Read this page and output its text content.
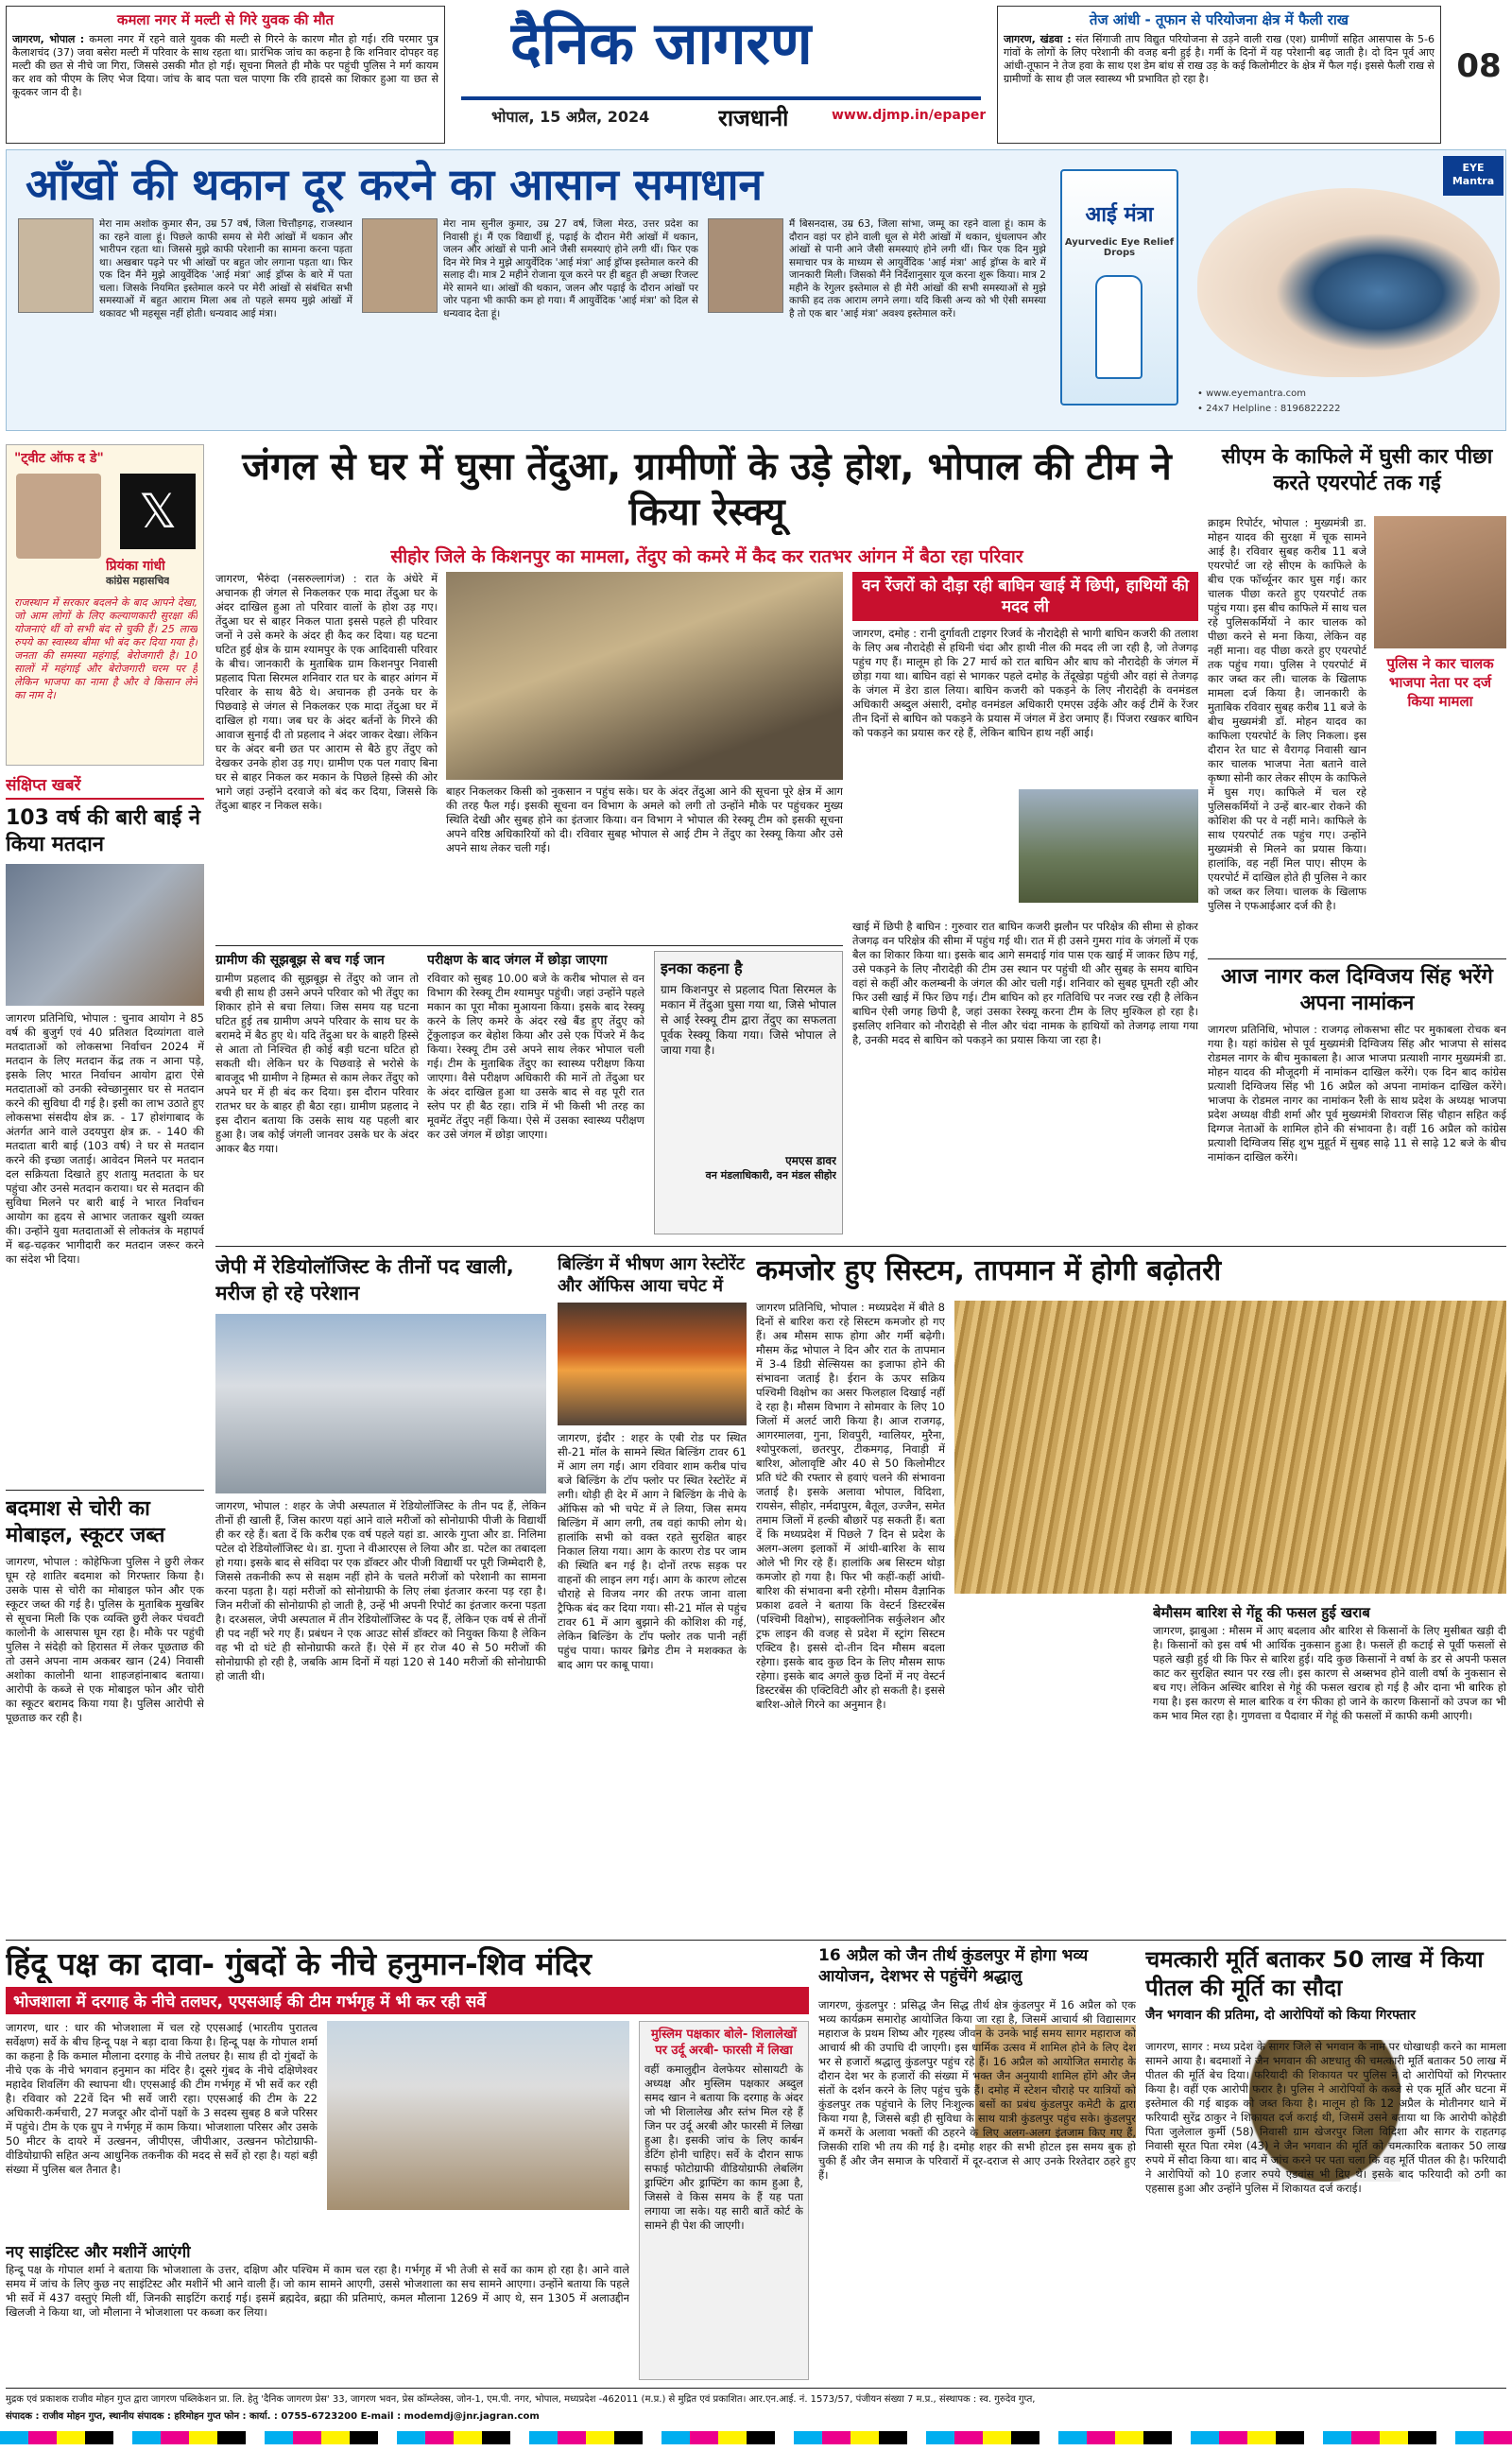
कमला नगर में मल्टी से गिरे युवक की मौत
जागरण, भोपाल : कमला नगर में रहने वाले युवक की मल्टी से गिरने के कारण मौत हो गई। रवि परमार पुत्र कैलाशचंद (37) जवा बसेरा मल्टी में परिवार के साथ रहता था। प्रारंभिक जांच का कहना है कि शनिवार दोपहर वह मल्टी की छत से नीचे जा गिरा, जिससे उसकी मौत हो गई। सूचना मिलते ही मौके पर पहुंची पुलिस ने मर्ग कायम कर शव को पीएम के लिए भेज दिया। जांच के बाद पता चल पाएगा कि रवि हादसे का शिकार हुआ या छत से कूदकर जान दी है।
दैनिक जागरण
भोपाल, 15 अप्रैल, 2024	राजधानी	www.djmp.in/epaper
तेज आंधी - तूफान से परियोजना क्षेत्र में फैली राख
जागरण, खंडवा : संत सिंगाजी ताप विद्युत परियोजना से उड़ने वाली राख (एश) ग्रामीणों सहित आसपास के 5-6 गांवों के लोगों के लिए परेशानी की वजह बनी हुई है। गर्मी के दिनों में यह परेशानी बढ़ जाती है। दो दिन पूर्व आए आंधी-तूफान ने तेज हवा के साथ एश डेम बांध से राख उड़ के कई किलोमीटर के क्षेत्र में फैल गई। इससे फैली राख से ग्रामीणों के साथ ही जल स्वास्थ्य भी प्रभावित हो रहा है।	08
आँखों की थकान दूर करने का आसान समाधान
मेरा नाम अशोक कुमार सैन, उम्र 57 वर्ष, जिला चित्तौड़गढ़, राजस्थान का रहने वाला हूं। पिछले काफी समय से मेरी आंखों में थकान और भारीपन रहता था। जिससे मुझे काफी परेशानी का सामना करना पड़ता था। अखबार पढ़ने पर भी आंखों पर बहुत जोर लगाना पड़ता था। फिर एक दिन मैंने मुझे आयुर्वेदिक 'आई मंत्रा' आई ड्रॉप्स के बारे में पता चला। जिसके नियमित इस्तेमाल करने पर मेरी आंखों से संबंधित सभी समस्याओं में बहुत आराम मिला अब तो पहले समय मुझे आंखों में थकावट भी महसूस नहीं होती। धन्यवाद आई मंत्रा।
मेरा नाम सुनील कुमार, उम्र 27 वर्ष, जिला मेरठ, उत्तर प्रदेश का निवासी हूं। मैं एक विद्यार्थी हूं, पढ़ाई के दौरान मेरी आंखों में थकान, जलन और आंखों से पानी आने जैसी समस्याएं होने लगी थीं। फिर एक दिन मेरे मित्र ने मुझे आयुर्वेदिक 'आई मंत्रा' आई ड्रॉप्स इस्तेमाल करने की सलाह दी। मात्र 2 महीने रोजाना यूज करने पर ही बहुत ही अच्छा रिजल्ट मेरे सामने था। आंखों की थकान, जलन और पढ़ाई के दौरान आंखों पर जोर पड़ना भी काफी कम हो गया। मैं आयुर्वेदिक 'आई मंत्रा' को दिल से धन्यवाद देता हूं।
मैं बिसनदास, उम्र 63, जिला सांभा, जम्मू का रहने वाला हूं। काम के दौरान वहां पर होने वाली धूल से मेरी आंखों में थकान, धुंधलापन और आंखों से पानी आने जैसी समस्याएं होने लगी थीं। फिर एक दिन मुझे समाचार पत्र के माध्यम से आयुर्वेदिक 'आई मंत्रा' आई ड्रॉप्स के बारे में जानकारी मिली। जिसको मैंने निर्देशानुसार यूज करना शुरू किया। मात्र 2 महीने के रेगुलर इस्तेमाल से ही मेरी आंखों की सभी समस्याओं से मुझे काफी हद तक आराम लगने लगा। यदि किसी अन्य को भी ऐसी समस्या है तो एक बार 'आई मंत्रा' अवश्य इस्तेमाल करें।
आई मंत्रा
Ayurvedic Eye Relief Drops
EYE Mantra
• www.eyemantra.com
• 24x7 Helpline : 8196822222
"ट्वीट ऑफ द डे"
𝕏
प्रियंका गांधी
कांग्रेस महासचिव
राजस्थान में सरकार बदलने के बाद आपने देखा, जो आम लोगों के लिए कल्याणकारी सुरक्षा की योजनाएं थीं वो सभी बंद से चुकी हैं। 25 लाख रुपये का स्वास्थ्य बीमा भी बंद कर दिया गया है। जनता की समस्या महंगाई, बेरोजगारी है। 10 सालों में महंगाई और बेरोजगारी चरम पर है लेकिन भाजपा का नामा है और वे किसान लेने का नाम दे।
संक्षिप्त खबरें
103 वर्ष की बारी बाई ने किया मतदान
जागरण प्रतिनिधि, भोपाल : चुनाव आयोग ने 85 वर्ष की बुजुर्ग एवं 40 प्रतिशत दिव्यांगता वाले मतदाताओं को लोकसभा निर्वाचन 2024 में मतदान के लिए मतदान केंद्र तक न आना पड़े, इसके लिए भारत निर्वाचन आयोग द्वारा ऐसे मतदाताओं को उनकी स्वेच्छानुसार घर से मतदान करने की सुविधा दी गई है। इसी का लाभ उठाते हुए लोकसभा संसदीय क्षेत्र क्र. - 17 होशंगाबाद के अंतर्गत आने वाले उदयपुरा क्षेत्र क्र. - 140 की मतदाता बारी बाई (103 वर्ष) ने घर से मतदान करने की इच्छा जताई। आवेदन मिलने पर मतदान दल सक्रियता दिखाते हुए शतायु मतदाता के घर पहुंचा और उनसे मतदान कराया। घर से मतदान की सुविधा मिलने पर बारी बाई ने भारत निर्वाचन आयोग का हृदय से आभार जताकर खुशी व्यक्त की। उन्होंने युवा मतदाताओं से लोकतंत्र के महापर्व में बढ़-चढ़कर भागीदारी कर मतदान जरूर करने का संदेश भी दिया।
बदमाश से चोरी का मोबाइल, स्कूटर जब्त
जागरण, भोपाल : कोहेफिजा पुलिस ने छुरी लेकर घूम रहे शातिर बदमाश को गिरफ्तार किया है। उसके पास से चोरी का मोबाइल फोन और एक स्कूटर जब्त की गई है। पुलिस के मुताबिक मुखबिर से सूचना मिली कि एक व्यक्ति छुरी लेकर पंचवटी कालोनी के आसपास घूम रहा है। मौके पर पहुंची पुलिस ने संदेही को हिरासत में लेकर पूछताछ की तो उसने अपना नाम अकबर खान (24) निवासी अशोका कालोनी थाना शाहजहांनाबाद बताया। आरोपी के कब्जे से एक मोबाइल फोन और चोरी का स्कूटर बरामद किया गया है। पुलिस आरोपी से पूछताछ कर रही है।
जंगल से घर में घुसा तेंदुआ, ग्रामीणों के उड़े होश, भोपाल की टीम ने किया रेस्क्यू
सीहोर जिले के किशनपुर का मामला, तेंदुए को कमरे में कैद कर रातभर आंगन में बैठा रहा परिवार
जागरण, भैरुंदा (नसरुल्लागंज) : रात के अंधेरे में अचानक ही जंगल से निकलकर एक मादा तेंदुआ घर के अंदर दाखिल हुआ तो परिवार वालों के होश उड़ गए। तेंदुआ घर से बाहर निकल पाता इससे पहले ही परिवार जनों ने उसे कमरे के अंदर ही कैद कर दिया। यह घटना घटित हुई क्षेत्र के ग्राम श्यामपुर के एक आदिवासी परिवार के बीच। जानकारी के मुताबिक ग्राम किशनपुर निवासी प्रहलाद पिता सिरमल शनिवार रात घर के बाहर आंगन में परिवार के साथ बैठे थे। अचानक ही उनके घर के पिछवाड़े से जंगल से निकलकर एक मादा तेंदुआ घर में दाखिल हो गया। जब घर के अंदर बर्तनों के गिरने की आवाज सुनाई दी तो प्रहलाद ने अंदर जाकर देखा। लेकिन घर के अंदर बनी छत पर आराम से बैठे हुए तेंदुए को देखकर उनके होश उड़ गए। ग्रामीण एक पल गवाए बिना घर से बाहर निकल कर मकान के पिछले हिस्से की ओर भागे जहां उन्होंने दरवाजे को बंद कर दिया, जिससे कि तेंदुआ बाहर न निकल सके।
बाहर निकलकर किसी को नुकसान न पहुंच सके। घर के अंदर तेंदुआ आने की सूचना पूरे क्षेत्र में आग की तरह फैल गई। इसकी सूचना वन विभाग के अमले को लगी तो उन्होंने मौके पर पहुंचकर मुख्य स्थिति देखी और सुबह होने का इंतजार किया। वन विभाग ने भोपाल की रेस्क्यू टीम को इसकी सूचना अपने वरिष्ठ अधिकारियों को दी। रविवार सुबह भोपाल से आई टीम ने तेंदुए का रेस्क्यू किया और उसे अपने साथ लेकर चली गई।
ग्रामीण की सूझबूझ से बच गई जान
ग्रामीण प्रहलाद की सूझबूझ से तेंदुए को जान तो बची ही साथ ही उसने अपने परिवार को भी तेंदुए का शिकार होने से बचा लिया। जिस समय यह घटना घटित हुई तब ग्रामीण अपने परिवार के साथ घर के बरामदे में बैठ हुए थे। यदि तेंदुआ घर के बाहरी हिस्से से आता तो निश्चित ही कोई बड़ी घटना घटित हो सकती थी। लेकिन घर के पिछवाड़े से भरोसे के बावजूद भी ग्रामीण ने हिम्मत से काम लेकर तेंदुए को अपने घर में ही बंद कर दिया। इस दौरान परिवार रातभर घर के बाहर ही बैठा रहा। ग्रामीण प्रहलाद ने इस दौरान बताया कि उसके साथ यह पहली बार हुआ है। जब कोई जंगली जानवर उसके घर के अंदर आकर बैठ गया।
परीक्षण के बाद जंगल में छोड़ा जाएगा
रविवार को सुबह 10.00 बजे के करीब भोपाल से वन विभाग की रेस्क्यू टीम श्यामपुर पहुंची। जहां उन्होंने पहले मकान का पूरा मौका मुआयना किया। इसके बाद रेस्क्यू करने के लिए कमरे के अंदर रखे बैंड हुए तेंदुए को ट्रेंकुलाइज कर बेहोश किया और उसे एक पिंजरे में कैद किया। रेस्क्यू टीम उसे अपने साथ लेकर भोपाल चली गई। टीम के मुताबिक तेंदुए का स्वास्थ्य परीक्षण किया जाएगा। वैसे परीक्षण अधिकारी की मानें तो तेंदुआ घर के अंदर दाखिल हुआ था उसके बाद से वह पूरी रात स्लेप पर ही बैठ रहा। रात्रि में भी किसी भी तरह का मूवमेंट तेंदुए नहीं किया। ऐसे में उसका स्वास्थ्य परीक्षण कर उसे जंगल में छोड़ा जाएगा।
इनका कहना है
ग्राम किशनपुर से प्रहलाद पिता सिरमल के मकान में तेंदुआ घुसा गया था, जिसे भोपाल से आई रेस्क्यू टीम द्वारा तेंदुए का सफलता पूर्वक रेस्क्यू किया गया। जिसे भोपाल ले जाया गया है।
एमएस डावर
वन मंडलाधिकारी, वन मंडल सीहोर
वन रेंजरों को दौड़ा रही बाघिन खाई में छिपी, हाथियों की मदद ली
जागरण, दमोह : रानी दुर्गावती टाइगर रिजर्व के नौरादेही से भागी बाघिन कजरी की तलाश के लिए अब नौरादेही से हथिनी चंदा और हाथी नील की मदद ली जा रही है, जो तेजगढ़ पहुंच गए हैं। मालूम हो कि 27 मार्च को रात बाघिन और बाघ को नौरादेही के जंगल में छोड़ा गया था। बाघिन वहां से भागकर पहले दमोह के तेंदूखेड़ा पहुंची और वहां से तेजगढ़ के जंगल में डेरा डाल लिया। बाघिन कजरी को पकड़ने के लिए नौरादेही के वनमंडल अधिकारी अब्दुल अंसारी, दमोह वनमंडल अधिकारी एमएस उईके और कई टीमें के रेंजर तीन दिनों से बाघिन को पकड़ने के प्रयास में जंगल में डेरा जमाए हैं। पिंजरा रखकर बाघिन को पकड़ने का प्रयास कर रहे हैं, लेकिन बाघिन हाथ नहीं आई।
खाई में छिपी है बाघिन : गुरुवार रात बाघिन कजरी झलौन पर परिक्षेत्र की सीमा से होकर तेजगढ़ वन परिक्षेत्र की सीमा में पहुंच गई थी। रात में ही उसने गुमरा गांव के जंगलों में एक बैल का शिकार किया था। इसके बाद आगे समदाई गांव पास एक खाई में जाकर छिप गई, उसे पकड़ने के लिए नौरादेही की टीम उस स्थान पर पहुंची थी और सुबह के समय बाघिन वहां से कहीं और कलम्बनी के जंगल की ओर चली गई। शनिवार को सुबह घूमती रही और फिर उसी खाई में फिर छिप गई। टीम बाघिन को हर गतिविधि पर नजर रख रही है लेकिन बाघिन ऐसी जगह छिपी है, जहां उसका रेस्क्यू करना टीम के लिए मुश्किल हो रहा है। इसलिए शनिवार को नौरादेही से नील और चंदा नामक के हाथियों को तेजगढ़ लाया गया है, उनकी मदद से बाघिन को पकड़ने का प्रयास किया जा रहा है।
सीएम के काफिले में घुसी कार पीछा करते एयरपोर्ट तक गई
पुलिस ने कार चालक भाजपा नेता पर दर्ज किया मामला
क्राइम रिपोर्टर, भोपाल : मुख्यमंत्री डा. मोहन यादव की सुरक्षा में चूक सामने आई है। रविवार सुबह करीब 11 बजे एयरपोर्ट जा रहे सीएम के काफिले के बीच एक फॉर्च्यूनर कार घुस गई। कार चालक पीछा करते हुए एयरपोर्ट तक पहुंच गया। इस बीच काफिले में साथ चल रहे पुलिसकर्मियों ने कार चालक को पीछा करने से मना किया, लेकिन वह नहीं माना। वह पीछा करते हुए एयरपोर्ट तक पहुंच गया। पुलिस ने एयरपोर्ट में कार जब्त कर ली। चालक के खिलाफ मामला दर्ज किया है। जानकारी के मुताबिक रविवार सुबह करीब 11 बजे के बीच मुख्यमंत्री डॉ. मोहन यादव का काफिला एयरपोर्ट के लिए निकला। इस दौरान रेत घाट से वैरागढ़ निवासी खान कार चालक भाजपा नेता बताने वाले कृष्णा सोनी कार लेकर सीएम के काफिले में घुस गए। काफिले में चल रहे पुलिसकर्मियों ने उन्हें बार-बार रोकने की कोशिश की पर वे नहीं माने। काफिले के साथ एयरपोर्ट तक पहुंच गए। उन्होंने मुख्यमंत्री से मिलने का प्रयास किया। हालांकि, वह नहीं मिल पाए। सीएम के एयरपोर्ट में दाखिल होते ही पुलिस ने कार को जब्त कर लिया। चालक के खिलाफ पुलिस ने एफआईआर दर्ज की है।
आज नागर कल दिग्विजय सिंह भरेंगे अपना नामांकन
जागरण प्रतिनिधि, भोपाल : राजगढ़ लोकसभा सीट पर मुकाबला रोचक बन गया है। यहां कांग्रेस से पूर्व मुख्यमंत्री दिग्विजय सिंह और भाजपा से सांसद रोडमल नागर के बीच मुकाबला है। आज भाजपा प्रत्याशी नागर मुख्यमंत्री डा. मोहन यादव की मौजूदगी में नामांकन दाखिल करेंगे। एक दिन बाद कांग्रेस प्रत्याशी दिग्विजय सिंह भी 16 अप्रैल को अपना नामांकन दाखिल करेंगे। भाजपा के रोडमल नागर का नामांकन रैली के साथ प्रदेश के अध्यक्ष भाजपा प्रदेश अध्यक्ष वीडी शर्मा और पूर्व मुख्यमंत्री शिवराज सिंह चौहान सहित कई दिग्गज नेताओं के शामिल होने की संभावना है। वहीं 16 अप्रैल को कांग्रेस प्रत्याशी दिग्विजय सिंह शुभ मुहूर्त में सुबह साढ़े 11 से साढ़े 12 बजे के बीच नामांकन दाखिल करेंगे।
जेपी में रेडियोलॉजिस्ट के तीनों पद खाली, मरीज हो रहे परेशान
जागरण, भोपाल : शहर के जेपी अस्पताल में रेडियोलॉजिस्ट के तीन पद हैं, लेकिन तीनों ही खाली हैं, जिस कारण यहां आने वाले मरीजों को सोनोग्राफी पीजी के विद्यार्थी ही कर रहे हैं। बता दें कि करीब एक वर्ष पहले यहां डा. आरके गुप्ता और डा. निलिमा पटेल दो रेडियोलॉजिस्ट थे। डा. गुप्ता ने वीआरएस ले लिया और डा. पटेल का तबादला हो गया। इसके बाद से संविदा पर एक डॉक्टर और पीजी विद्यार्थी पर पूरी जिम्मेदारी है, जिससे तकनीकी रूप से सक्षम नहीं होने के चलते मरीजों को परेशानी का सामना करना पड़ता है। यहां मरीजों को सोनोग्राफी के लिए लंबा इंतजार करना पड़ रहा है। जिन मरीजों की सोनोग्राफी हो जाती है, उन्हें भी अपनी रिपोर्ट का इंतजार करना पड़ता है। दरअसल, जेपी अस्पताल में तीन रेडियोलॉजिस्ट के पद हैं, लेकिन एक वर्ष से तीनों ही पद नहीं भरे गए हैं। प्रबंधन ने एक आउट सोर्स डॉक्टर को नियुक्त किया है लेकिन वह भी दो घंटे ही सोनोग्राफी करते हैं। ऐसे में हर रोज 40 से 50 मरीजों की सोनोग्राफी हो रही है, जबकि आम दिनों में यहां 120 से 140 मरीजों की सोनोग्राफी हो जाती थी।
बिल्डिंग में भीषण आग रेस्टोरेंट और ऑफिस आया चपेट में
जागरण, इंदौर : शहर के एबी रोड पर स्थित सी-21 मॉल के सामने स्थित बिल्डिंग टावर 61 में आग लग गई। आग रविवार शाम करीब पांच बजे बिल्डिंग के टॉप फ्लोर पर स्थित रेस्टोरेंट में लगी। थोड़ी ही देर में आग ने बिल्डिंग के नीचे के ऑफिस को भी चपेट में ले लिया, जिस समय बिल्डिंग में आग लगी, तब वहां काफी लोग थे। हालांकि सभी को वक्त रहते सुरक्षित बाहर निकाल लिया गया। आग के कारण रोड पर जाम की स्थिति बन गई है। दोनों तरफ सड़क पर वाहनों की लाइन लग गई। आग के कारण लोटस चौराहे से विजय नगर की तरफ जाना वाला ट्रैफिक बंद कर दिया गया। सी-21 मॉल से पहुंच टावर 61 में आग बुझाने की कोशिश की गई, लेकिन बिल्डिंग के टॉप फ्लोर तक पानी नहीं पहुंच पाया। फायर ब्रिगेड टीम ने मशक्कत के बाद आग पर काबू पाया।
कमजोर हुए सिस्टम, तापमान में होगी बढ़ोतरी
जागरण प्रतिनिधि, भोपाल : मध्यप्रदेश में बीते 8 दिनों से बारिश करा रहे सिस्टम कमजोर हो गए हैं। अब मौसम साफ होगा और गर्मी बढ़ेगी। मौसम केंद्र भोपाल ने दिन और रात के तापमान में 3-4 डिग्री सेल्सियस का इजाफा होने की संभावना जताई है। ईरान के ऊपर सक्रिय पश्चिमी विक्षोभ का असर फिलहाल दिखाई नहीं दे रहा है। मौसम विभाग ने सोमवार के लिए 10 जिलों में अलर्ट जारी किया है। आज राजगढ़, आगरमालवा, गुना, शिवपुरी, ग्वालियर, मुरैना, श्योपुरकलां, छतरपुर, टीकमगढ़, निवाड़ी में बारिश, ओलावृष्टि और 40 से 50 किलोमीटर प्रति घंटे की रफ्तार से हवाएं चलने की संभावना जताई है। इसके अलावा भोपाल, विदिशा, रायसेन, सीहोर, नर्मदापुरम, बैतूल, उज्जैन, समेत तमाम जिलों में हल्की बौछारें पड़ सकती हैं। बता दें कि मध्यप्रदेश में पिछले 7 दिन से प्रदेश के अलग-अलग इलाकों में आंधी-बारिश के साथ ओले भी गिर रहे हैं। हालांकि अब सिस्टम थोड़ा कमजोर हो गया है। फिर भी कहीं-कहीं आंधी-बारिश की संभावना बनी रहेगी। मौसम वैज्ञानिक प्रकाश ढवले ने बताया कि वेस्टर्न डिस्टरबेंस (पश्चिमी विक्षोभ), साइक्लोनिक सर्कुलेशन और ट्रफ लाइन की वजह से प्रदेश में स्ट्रांग सिस्टम एक्टिव है। इससे दो-तीन दिन मौसम बदला रहेगा। इसके बाद कुछ दिन के लिए मौसम साफ रहेगा। इसके बाद अगले कुछ दिनों में नए वेस्टर्न डिस्टरबेंस की एक्टिविटी और हो सकती है। इससे बारिश-ओले गिरने का अनुमान है।
बेमौसम बारिश से गेंहू की फसल हुई खराब
जागरण, झाबुआ : मौसम में आए बदलाव और बारिश से किसानों के लिए मुसीबत खड़ी दी है। किसानों को इस वर्ष भी आर्थिक नुकसान हुआ है। फसलें ही कटाई से पूर्वी फसलों से पहले खड़ी हुई थी कि फिर से बारिश हुई। यदि कुछ किसानों ने वर्षा के डर से अपनी फसल काट कर सुरक्षित स्थान पर रख ली। इस कारण से अब्सभव होने वाली वर्षा के नुकसान से बच गए। लेकिन अस्थिर बारिश से गेहूं की फसल खराब हो गई है और दाना भी बारिक हो गया है। इस कारण से माल बारिक व रंग फीका हो जाने के कारण किसानों को उपज का भी कम भाव मिल रहा है। गुणवत्ता व पैदावार में गेहूं की फसलों में काफी कमी आएगी।
हिंदू पक्ष का दावा- गुंबदों के नीचे हनुमान-शिव मंदिर
भोजशाला में दरगाह के नीचे तलघर, एएसआई की टीम गर्भगृह में भी कर रही सर्वे
जागरण, धार : धार की भोजशाला में चल रहे एएसआई (भारतीय पुरातत्व सर्वेक्षण) सर्वे के बीच हिन्दू पक्ष ने बड़ा दावा किया है। हिन्दू पक्ष के गोपाल शर्मा का कहना है कि कमाल मौलाना दरगाह के नीचे तलघर है। साथ ही दो गुंबदों के नीचे एक के नीचे भगवान हनुमान का मंदिर है। दूसरे गुंबद के नीचे दक्षिणेश्वर महादेव शिवलिंग की स्थापना थी। एएसआई की टीम गर्भगृह में भी सर्वे कर रही है। रविवार को 22वें दिन भी सर्वे जारी रहा। एएसआई की टीम के 22 अधिकारी-कर्मचारी, 27 मजदूर और दोनों पक्षों के 3 सदस्य सुबह 8 बजे परिसर में पहुंचे। टीम के एक ग्रुप ने गर्भगृह में काम किया। भोजशाला परिसर और उसके 50 मीटर के दायरे में उत्खनन, जीपीएस, जीपीआर, उत्खनन फोटोग्राफी-वीडियोग्राफी सहित अन्य आधुनिक तकनीक की मदद से सर्वे हो रहा है। यहां बड़ी संख्या में पुलिस बल तैनात है।
मुस्लिम पक्षकार बोले- शिलालेखों पर उर्दू अरबी- फारसी में लिखा
वहीं कमालुद्दीन वेलफेयर सोसायटी के अध्यक्ष और मुस्लिम पक्षकार अब्दुल समद खान ने बताया कि दरगाह के अंदर जो भी शिलालेख और स्तंभ मिल रहे हैं जिन पर उर्दू अरबी और फारसी में लिखा हुआ है। इसकी जांच के लिए कार्बन डेटिंग होनी चाहिए। सर्वे के दौरान साफ सफाई फोटोग्राफी वीडियोग्राफी लेबलिंग ड्राफ्टिंग और ड्राफ्टिंग का काम हुआ है, जिससे वे किस समय के हैं यह पता लगाया जा सके। यह सारी बातें कोर्ट के सामने ही पेश की जाएगी।
नए साइंटिस्ट और मशीनें आएंगी
हिन्दू पक्ष के गोपाल शर्मा ने बताया कि भोजशाला के उत्तर, दक्षिण और पश्चिम में काम चल रहा है। गर्भगृह में भी तेजी से सर्वे का काम हो रहा है। आने वाले समय में जांच के लिए कुछ नए साइंटिस्ट और मशीनें भी आने वाली हैं। जो काम सामने आएगी, उससे भोजशाला का सच सामने आएगा। उन्होंने बताया कि पहले भी सर्वे में 437 वस्तुएं मिली थीं, जिनकी साइटिंग कराई गई। इसमें ब्रह्मदेव, ब्रह्मा की प्रतिमाएं, कमल मौलाना 1269 में आए थे, सन 1305 में अलाउद्दीन खिलजी ने किया था, जो मौलाना ने भोजशाला पर कब्जा कर लिया।
16 अप्रैल को जैन तीर्थ कुंडलपुर में होगा भव्य आयोजन, देशभर से पहुंचेंगे श्रद्धालु
जागरण, कुंडलपुर : प्रसिद्ध जैन सिद्ध तीर्थ क्षेत्र कुंडलपुर में 16 अप्रैल को एक भव्य कार्यक्रम समारोह आयोजित किया जा रहा है, जिसमें आचार्य श्री विद्यासागर महाराज के प्रथम शिष्य और गृहस्थ जीवन के उनके भाई समय सागर महाराज को आचार्य श्री की उपाधि दी जाएगी। इस धार्मिक उत्सव में शामिल होने के लिए देश भर से हजारों श्रद्धालु कुंडलपुर पहुंच रहे हैं। 16 अप्रैल को आयोजित समारोह के दौरान देश भर के हजारों की संख्या में भक्त जैन अनुयायी शामिल होंगे और जैन संतों के दर्शन करने के लिए पहुंच चुके हैं। दमोह में स्टेशन चौराहे पर यात्रियों को कुंडलपुर तक पहुंचाने के लिए निःशुल्क बसों का प्रबंध कुंडलपुर कमेटी के द्वारा किया गया है, जिससे बड़ी ही सुविधा के साथ यात्री कुंडलपुर पहुंच सके। कुंडलपुर में कमरों के अलावा भक्तों की ठहरने के लिए अलग-अलग इंतजाम किए गए हैं, जिसकी राशि भी तय की गई है। दमोह शहर की सभी होटल इस समय बुक हो चुकी हैं और जैन समाज के परिवारों में दूर-दराज से आए उनके रिश्तेदार ठहरे हुए हैं।
चमत्कारी मूर्ति बताकर 50 लाख में किया पीतल की मूर्ति का सौदा
जैन भगवान की प्रतिमा, दो आरोपियों को किया गिरफ्तार
जागरण, सागर : मध्य प्रदेश के सागर जिले से भगवान के नाम पर धोखाधड़ी करने का मामला सामने आया है। बदमाशों ने जैन भगवान की अष्टधातु की चमत्कारी मूर्ति बताकर 50 लाख में पीतल की मूर्ति बेच दिया। फरियादी की शिकायत पर पुलिस ने दो आरोपियों को गिरफ्तार किया है। वहीं एक आरोपी फरार है। पुलिस ने आरोपियों के कब्जे से एक मूर्ति और घटना में इस्तेमाल की गई बाइक को जब्त किया है। मालूम हो कि 12 अप्रैल के मोतीनगर थाने में फरियादी सुरेंद्र ठाकुर ने शिकायत दर्ज कराई थी, जिसमें उसने बताया था कि आरोपी कोहेडी पिता जुलेलाल कुर्मी (58) निवासी ग्राम खेजरपुर जिला विदिशा और सागर के राहतगढ़ निवासी सूरत पिता रमेश (43) ने जैन भगवान की मूर्ति को चमत्कारिक बताकर 50 लाख रुपये में सौदा किया था। बाद में जांच करने पर पता चला कि वह मूर्ति पीतल की है। फरियादी ने आरोपियों को 10 हजार रुपये एडवांस भी दिए थे। इसके बाद फरियादी को ठगी का एहसास हुआ और उन्होंने पुलिस में शिकायत दर्ज कराई।
मुद्रक एवं प्रकाशक राजीव मोहन गुप्त द्वारा जागरण पब्लिकेशन प्रा. लि. हेतु 'दैनिक जागरण प्रेस' 33, जागरण भवन, प्रेस कॉम्प्लेक्स, जोन-1, एम.पी. नगर, भोपाल, मध्यप्रदेश -462011 (म.प्र.) से मुद्रित एवं प्रकाशित। आर.एन.आई. नं. 1573/57, पंजीयन संख्या 7 म.प्र., संस्थापक : स्व. गुरुदेव गुप्त,
संपादक : राजीव मोहन गुप्त, स्थानीय संपादक : हरिमोहन गुप्त फोन : कार्या. : 0755-6723200 E-mail : modemdj@jnr.jagran.com
